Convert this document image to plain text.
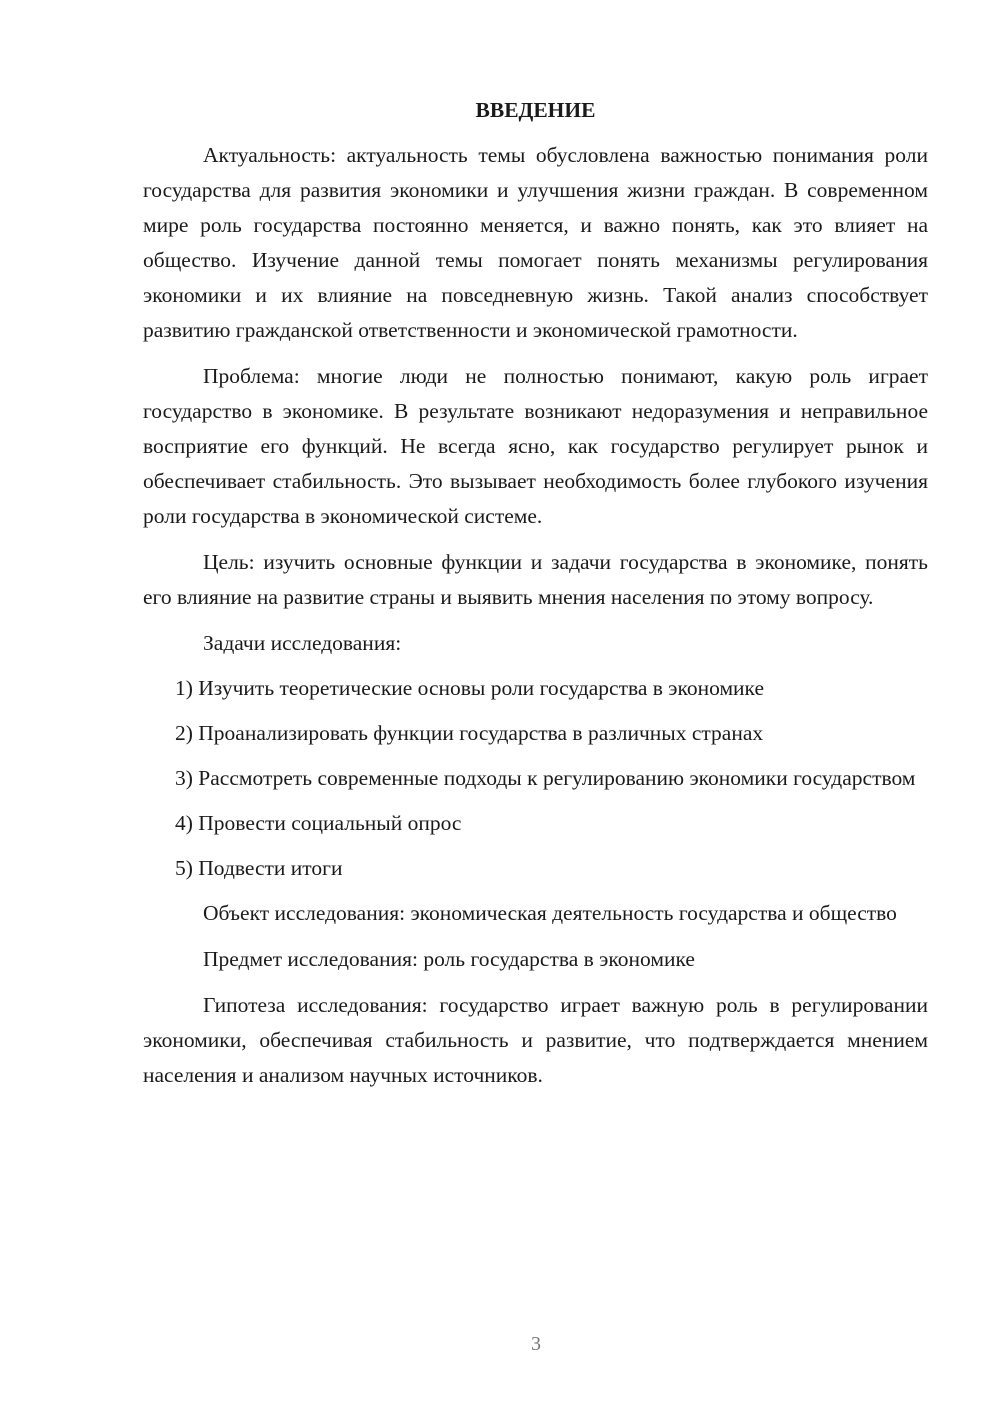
ВВЕДЕНИЕ

Актуальность: актуальность темы обусловлена важностью понимания роли государства для развития экономики и улучшения жизни граждан. В современном мире роль государства постоянно меняется, и важно понять, как это влияет на общество. Изучение данной темы помогает понять механизмы регулирования экономики и их влияние на повседневную жизнь. Такой анализ способствует развитию гражданской ответственности и экономической грамотности.

Проблема: многие люди не полностью понимают, какую роль играет государство в экономике. В результате возникают недоразумения и неправильное восприятие его функций. Не всегда ясно, как государство регулирует рынок и обеспечивает стабильность. Это вызывает необходимость более глубокого изучения роли государства в экономической системе.

Цель: изучить основные функции и задачи государства в экономике, понять его влияние на развитие страны и выявить мнения населения по этому вопросу.

Задачи исследования:

1) Изучить теоретические основы роли государства в экономике

2) Проанализировать функции государства в различных странах

3) Рассмотреть современные подходы к регулированию экономики государством

4) Провести социальный опрос

5) Подвести итоги

Объект исследования: экономическая деятельность государства и общество

Предмет исследования: роль государства в экономике

Гипотеза исследования: государство играет важную роль в регулировании экономики, обеспечивая стабильность и развитие, что подтверждается мнением населения и анализом научных источников.

3
